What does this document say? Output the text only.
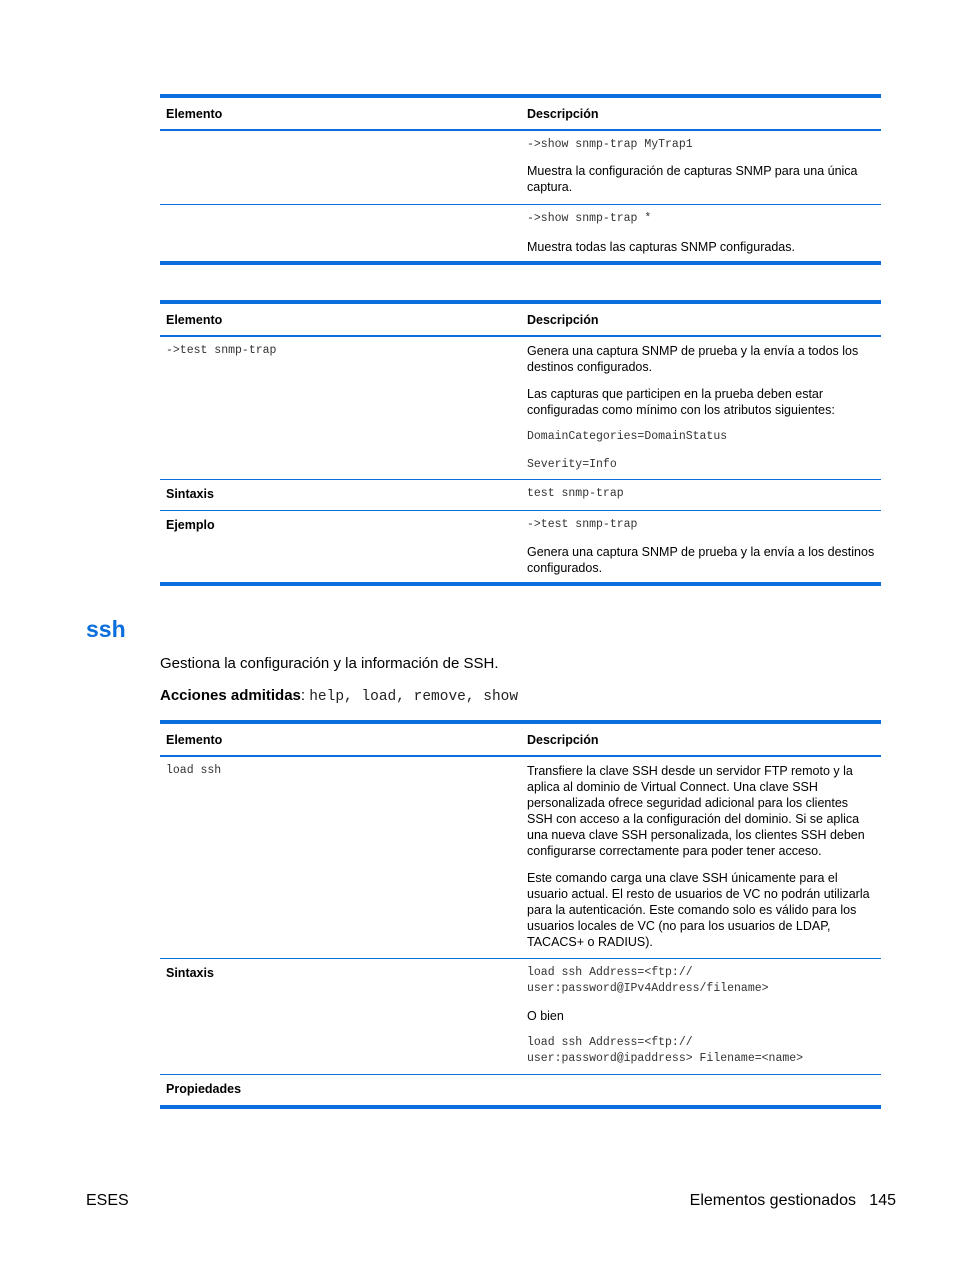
Elemento	Descripción
->show snmp-trap MyTrap1
Muestra la configuración de capturas SNMP para una única captura.
->show snmp-trap *
Muestra todas las capturas SNMP configuradas.
Elemento	Descripción
->test snmp-trap	Genera una captura SNMP de prueba y la envía a todos los destinos configurados.
Las capturas que participen en la prueba deben estar configuradas como mínimo con los atributos siguientes:
DomainCategories=DomainStatus
Severity=Info
Sintaxis	test snmp-trap
Ejemplo	->test snmp-trap
Genera una captura SNMP de prueba y la envía a los destinos configurados.
ssh
Gestiona la configuración y la información de SSH.
Acciones admitidas: help, load, remove, show
Elemento	Descripción
load ssh	Transfiere la clave SSH desde un servidor FTP remoto y la aplica al dominio de Virtual Connect. Una clave SSH personalizada ofrece seguridad adicional para los clientes SSH con acceso a la configuración del dominio. Si se aplica una nueva clave SSH personalizada, los clientes SSH deben configurarse correctamente para poder tener acceso.
Este comando carga una clave SSH únicamente para el usuario actual. El resto de usuarios de VC no podrán utilizarla para la autenticación. Este comando solo es válido para los usuarios locales de VC (no para los usuarios de LDAP, TACACS+ o RADIUS).
Sintaxis	load ssh Address=<ftp://
user:password@IPv4Address/filename>
O bien
load ssh Address=<ftp://
user:password@ipaddress> Filename=<name>
Propiedades
ESES	Elementos gestionados   145
